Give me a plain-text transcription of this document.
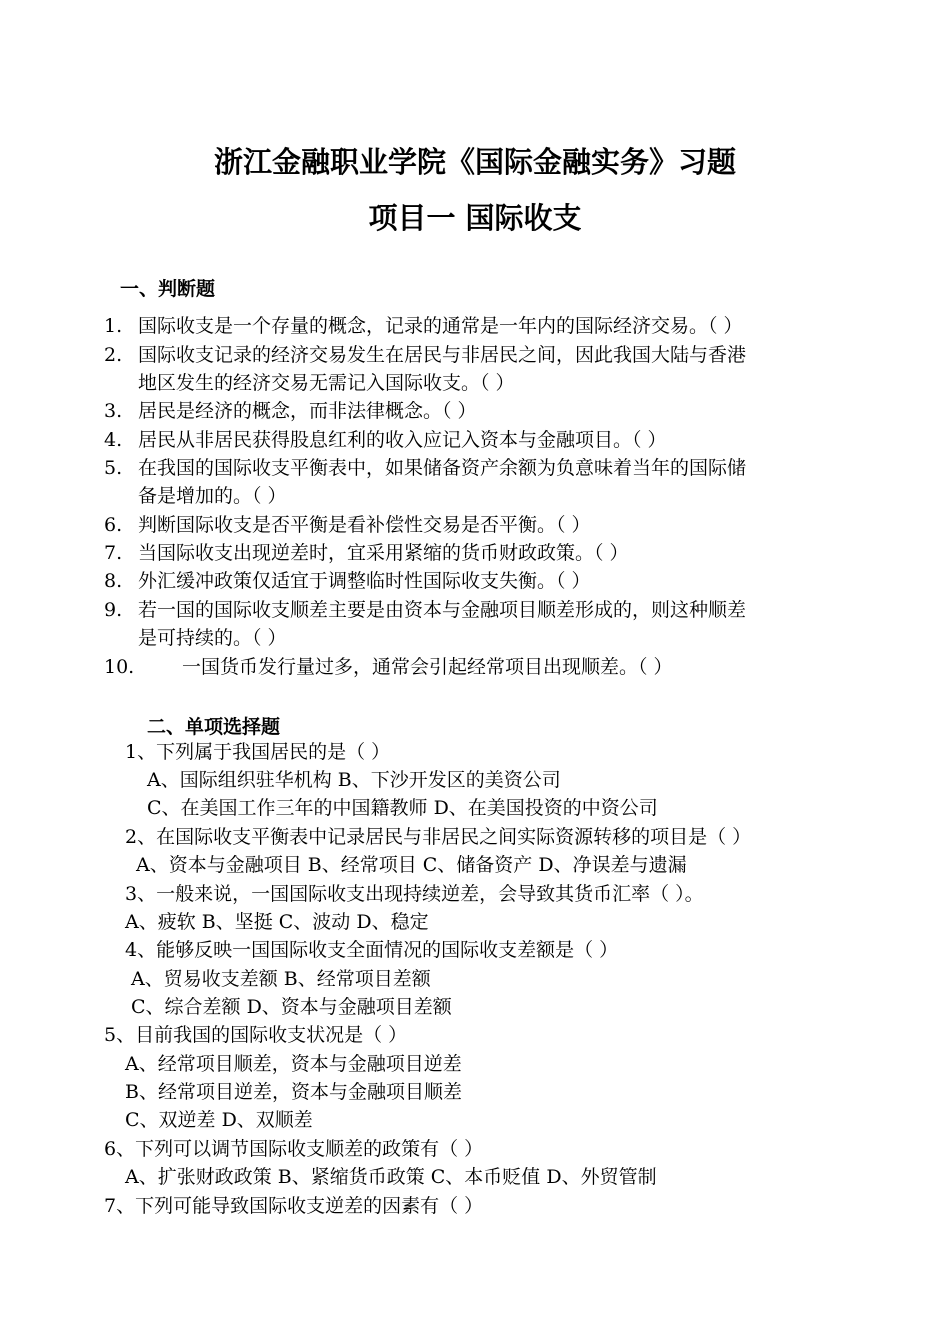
浙江金融职业学院《国际金融实务》习题
项目一 国际收支
一、判断题
1. 国际收支是一个存量的概念，记录的通常是一年内的国际经济交易。（ ）
2. 国际收支记录的经济交易发生在居民与非居民之间，因此我国大陆与香港
地区发生的经济交易无需记入国际收支。（ ）
3. 居民是经济的概念，而非法律概念。（ ）
4. 居民从非居民获得股息红利的收入应记入资本与金融项目。（ ）
5. 在我国的国际收支平衡表中，如果储备资产余额为负意味着当年的国际储
备是增加的。（ ）
6. 判断国际收支是否平衡是看补偿性交易是否平衡。（ ）
7. 当国际收支出现逆差时，宜采用紧缩的货币财政政策。（ ）
8. 外汇缓冲政策仅适宜于调整临时性国际收支失衡。（ ）
9. 若一国的国际收支顺差主要是由资本与金融项目顺差形成的，则这种顺差
是可持续的。（ ）
10.	一国货币发行量过多，通常会引起经常项目出现顺差。（ ）
二、单项选择题
1、下列属于我国居民的是（ ）
A、国际组织驻华机构 B、下沙开发区的美资公司
C、在美国工作三年的中国籍教师 D、在美国投资的中资公司
2、在国际收支平衡表中记录居民与非居民之间实际资源转移的项目是（ ）
A、资本与金融项目 B、经常项目 C、储备资产 D、净误差与遗漏
3、一般来说，一国国际收支出现持续逆差，会导致其货币汇率（ ）。
A、疲软 B、坚挺 C、波动 D、稳定
4、能够反映一国国际收支全面情况的国际收支差额是（ ）
A、贸易收支差额 B、经常项目差额
C、综合差额 D、资本与金融项目差额
5、目前我国的国际收支状况是（ ）
A、经常项目顺差，资本与金融项目逆差
B、经常项目逆差，资本与金融项目顺差
C、双逆差 D、双顺差
6、下列可以调节国际收支顺差的政策有（ ）
A、扩张财政政策 B、紧缩货币政策 C、本币贬值 D、外贸管制
7、下列可能导致国际收支逆差的因素有（ ）
